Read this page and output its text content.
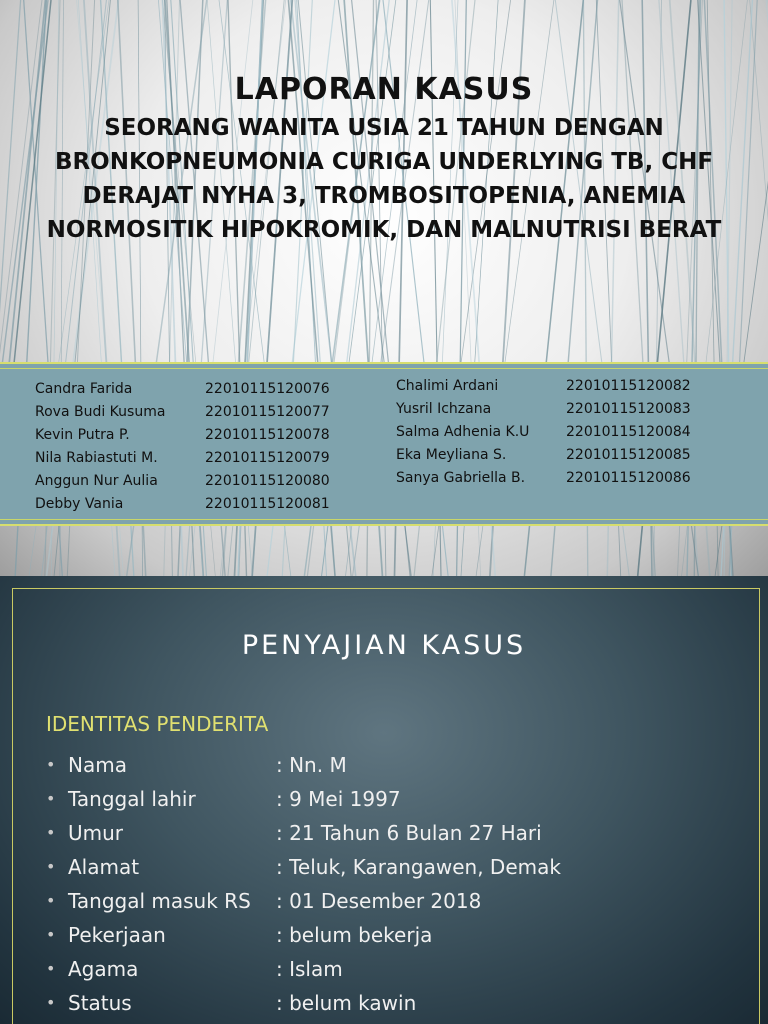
LAPORAN KASUS
SEORANG WANITA USIA 21 TAHUN DENGAN BRONKOPNEUMONIA CURIGA UNDERLYING TB, CHF DERAJAT NYHA 3, TROMBOSITOPENIA, ANEMIA NORMOSITIK HIPOKROMIK, DAN MALNUTRISI BERAT
Candra Farida	22010115120076
Rova Budi Kusuma	22010115120077
Kevin Putra P.	22010115120078
Nila Rabiastuti M.	22010115120079
Anggun Nur Aulia	22010115120080
Debby Vania	22010115120081
Chalimi Ardani	22010115120082
Yusril Ichzana	22010115120083
Salma Adhenia K.U	22010115120084
Eka Meyliana S.	22010115120085
Sanya Gabriella B.	22010115120086
PENYAJIAN KASUS
IDENTITAS PENDERITA
• Nama	: Nn. M
• Tanggal lahir	: 9 Mei 1997
• Umur	: 21 Tahun 6 Bulan 27 Hari
• Alamat	: Teluk, Karangawen, Demak
• Tanggal masuk RS : 01 Desember 2018
• Pekerjaan	: belum bekerja
• Agama	: Islam
• Status	: belum kawin
